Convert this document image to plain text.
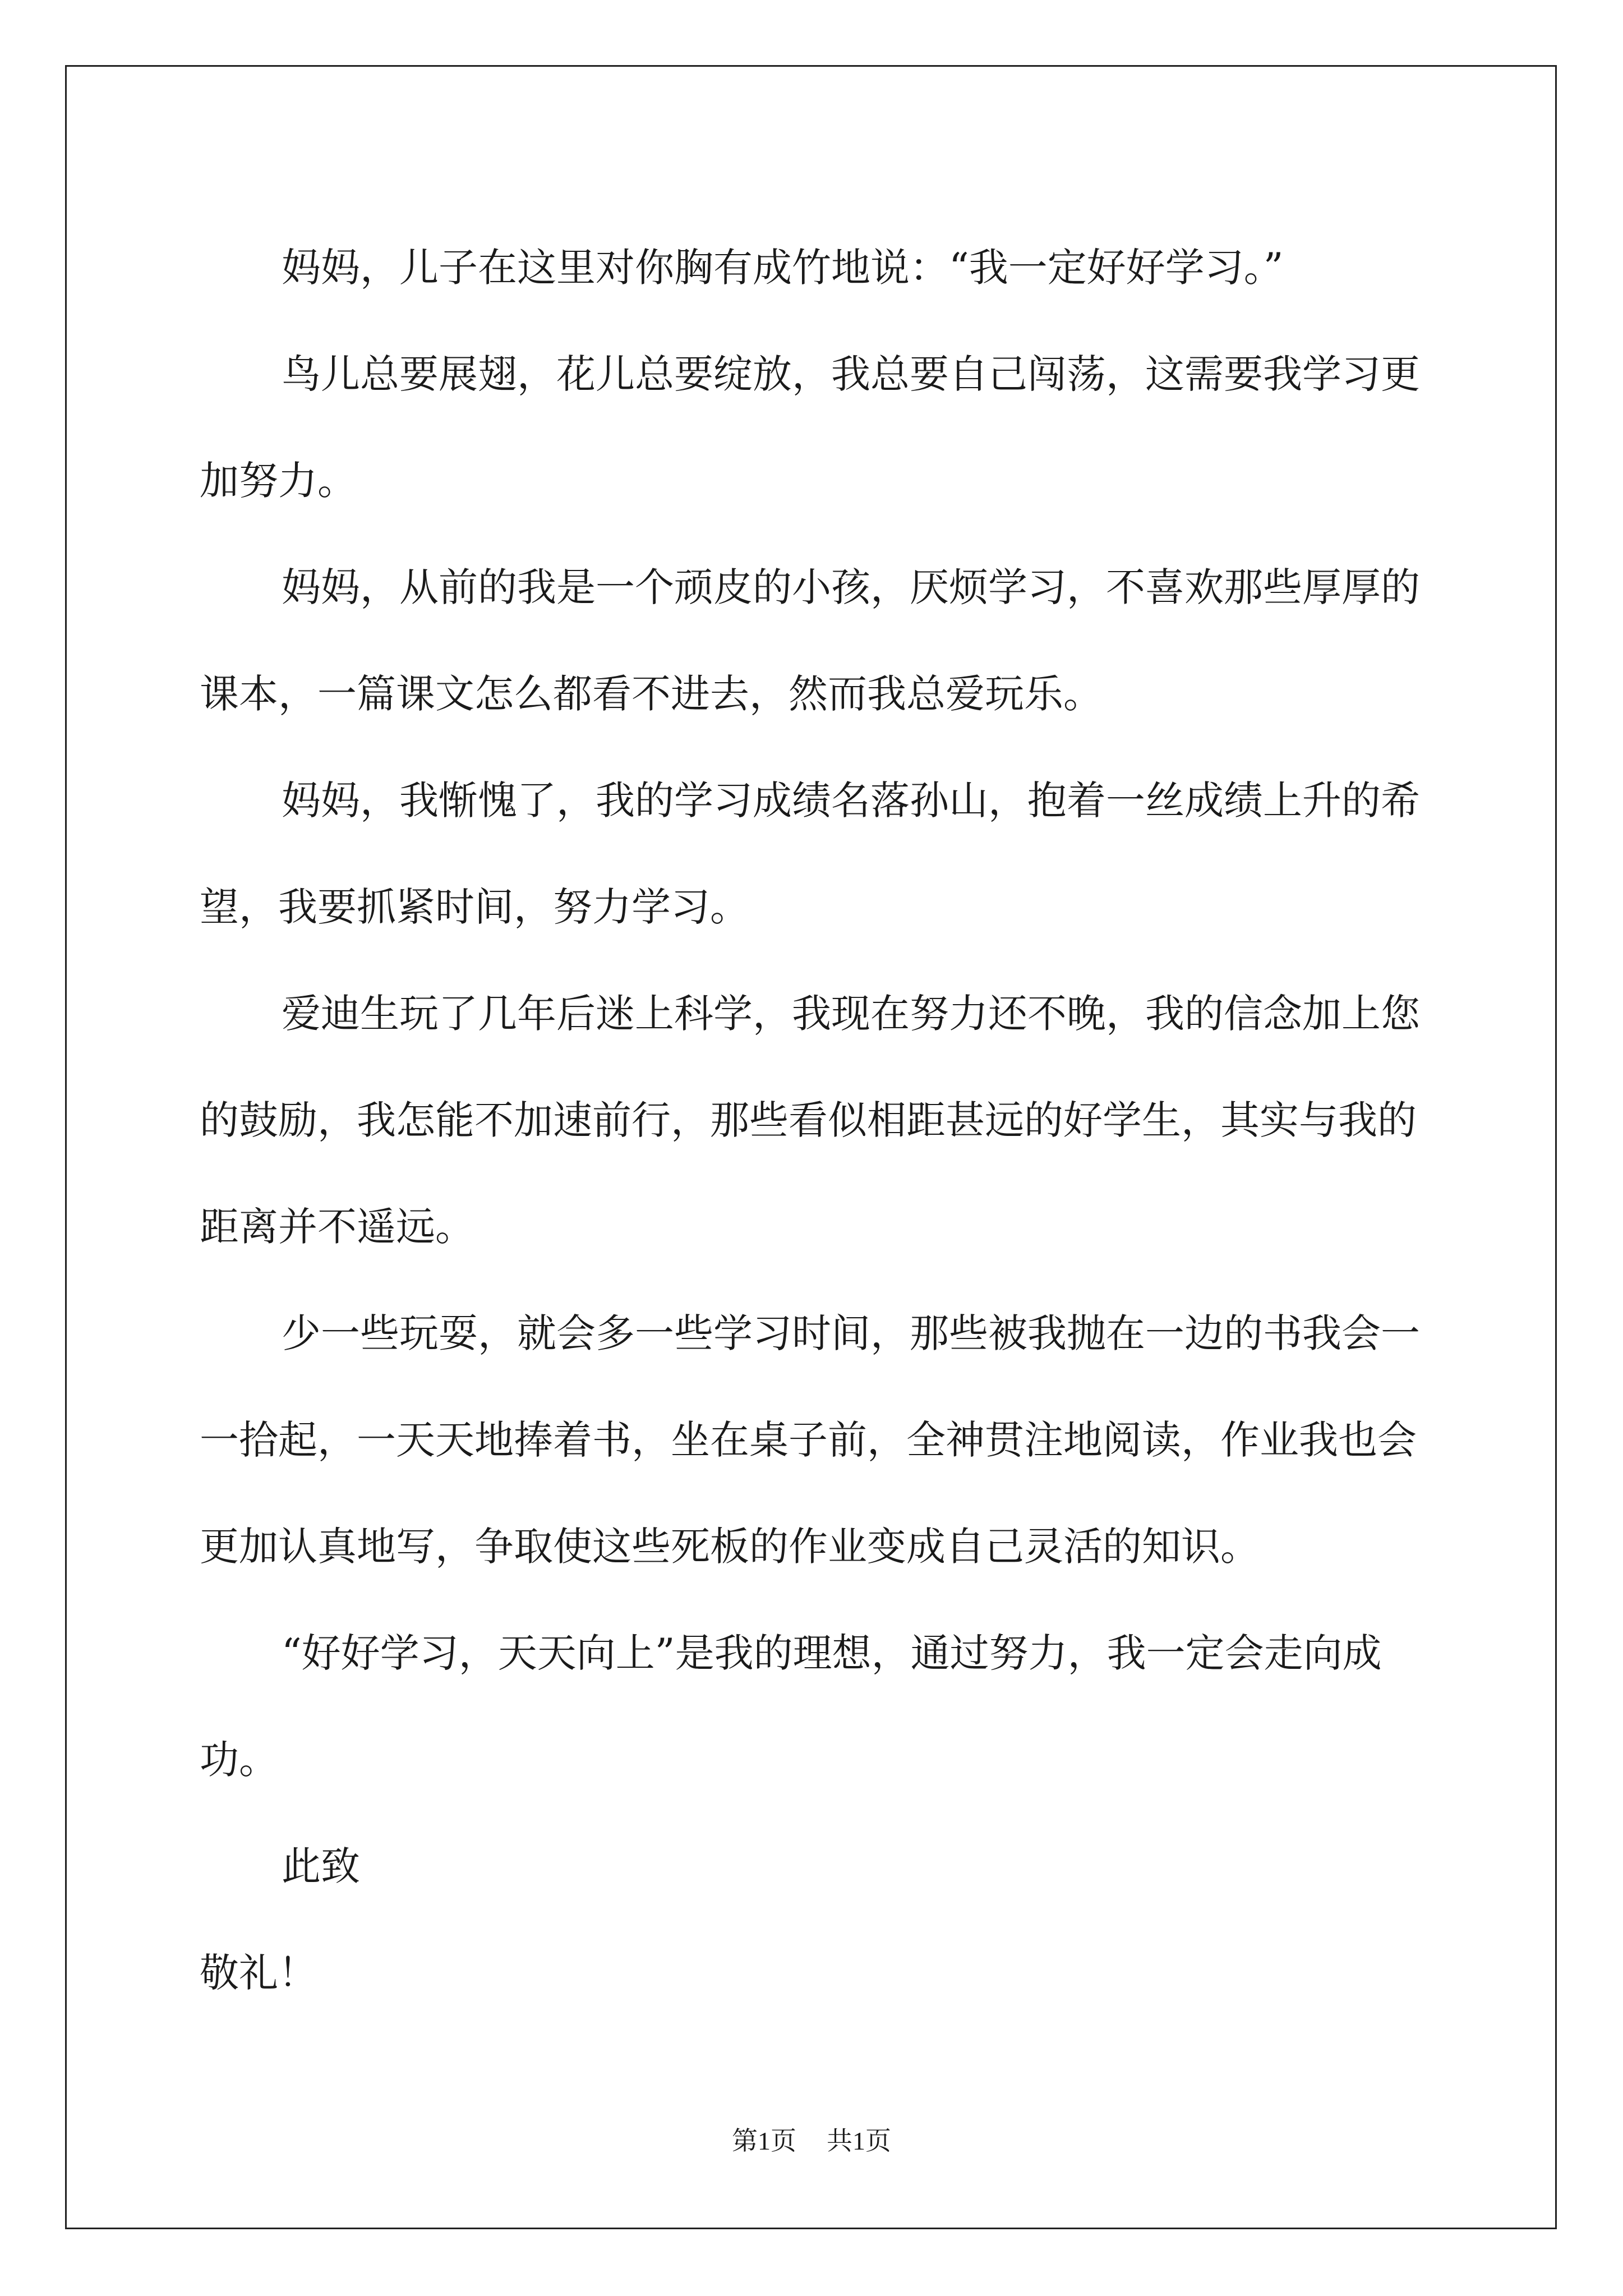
妈妈，儿子在这里对你胸有成竹地说：“我一定好好学习。”

鸟儿总要展翅，花儿总要绽放，我总要自己闯荡，这需要我学习更加努力。

妈妈，从前的我是一个顽皮的小孩，厌烦学习，不喜欢那些厚厚的课本，一篇课文怎么都看不进去，然而我总爱玩乐。

妈妈，我惭愧了，我的学习成绩名落孙山，抱着一丝成绩上升的希望，我要抓紧时间，努力学习。

爱迪生玩了几年后迷上科学，我现在努力还不晚，我的信念加上您的鼓励，我怎能不加速前行，那些看似相距甚远的好学生，其实与我的距离并不遥远。

少一些玩耍，就会多一些学习时间，那些被我抛在一边的书我会一一拾起，一天天地捧着书，坐在桌子前，全神贯注地阅读，作业我也会更加认真地写，争取使这些死板的作业变成自己灵活的知识。

“好好学习，天天向上”是我的理想，通过努力，我一定会走向成功。

此致

敬礼！

第1页 共1页
